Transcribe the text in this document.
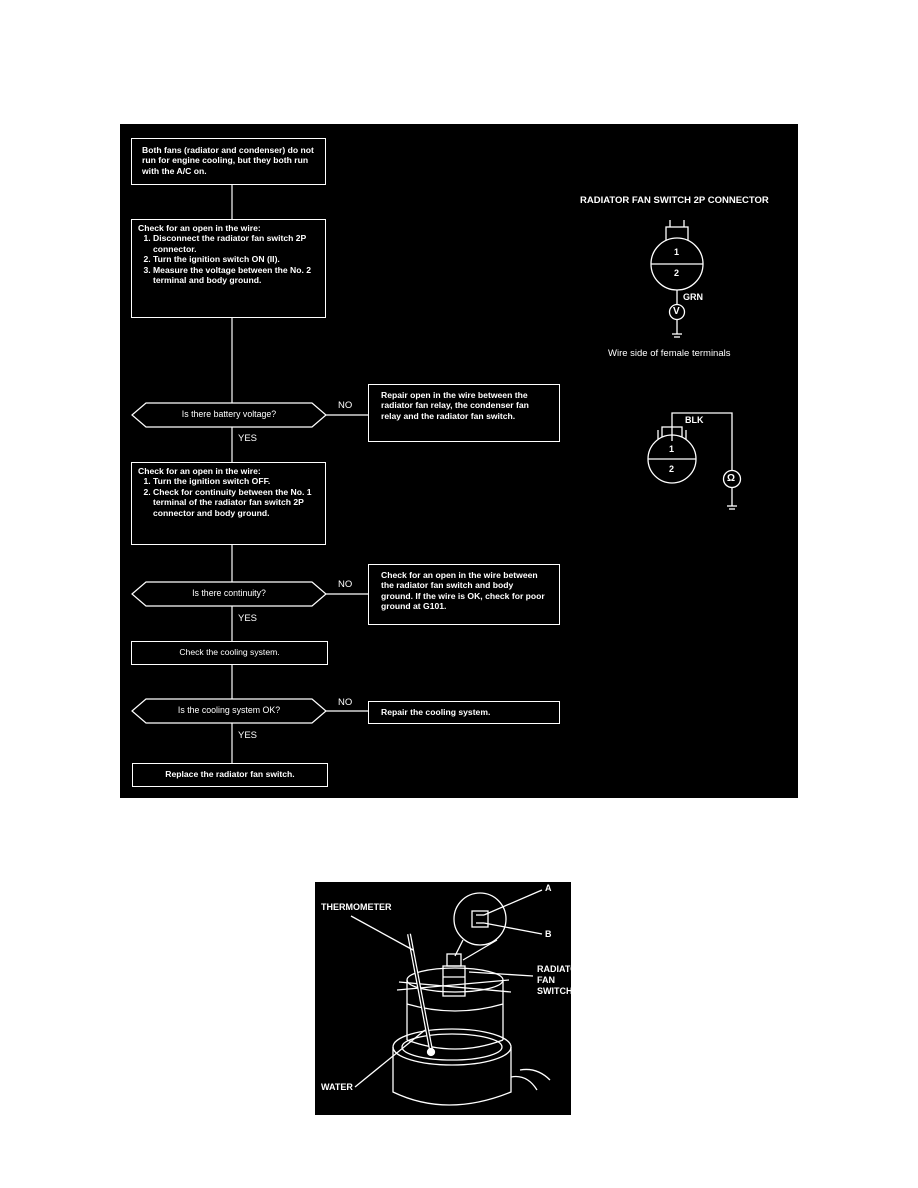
Both fans (radiator and condenser) do not run for engine cooling, but they both run with the A/C on.
Check for an open in the wire:
1. Disconnect the radiator fan switch 2P connector.
2. Turn the ignition switch ON (II).
3. Measure the voltage between the No. 2 terminal and body ground.
Is there battery voltage?
YES
NO
Repair open in the wire between the radiator fan relay, the condenser fan relay and the radiator fan switch.
Check for an open in the wire:
1. Turn the ignition switch OFF.
2. Check for continuity between the No. 1 terminal of the radiator fan switch 2P connector and body ground.
Is there continuity?
YES
NO
Check for an open in the wire between the radiator fan switch and body ground. If the wire is OK, check for poor ground at G101.
Check the cooling system.
Is the cooling system OK?
YES
NO
Repair the cooling system.
Replace the radiator fan switch.
RADIATOR FAN SWITCH 2P CONNECTOR
1
2
GRN
V
Wire side of female terminals
BLK
1
2
Ω
THERMOMETER
A
B
RADIATOR
FAN
SWITCH
WATER
